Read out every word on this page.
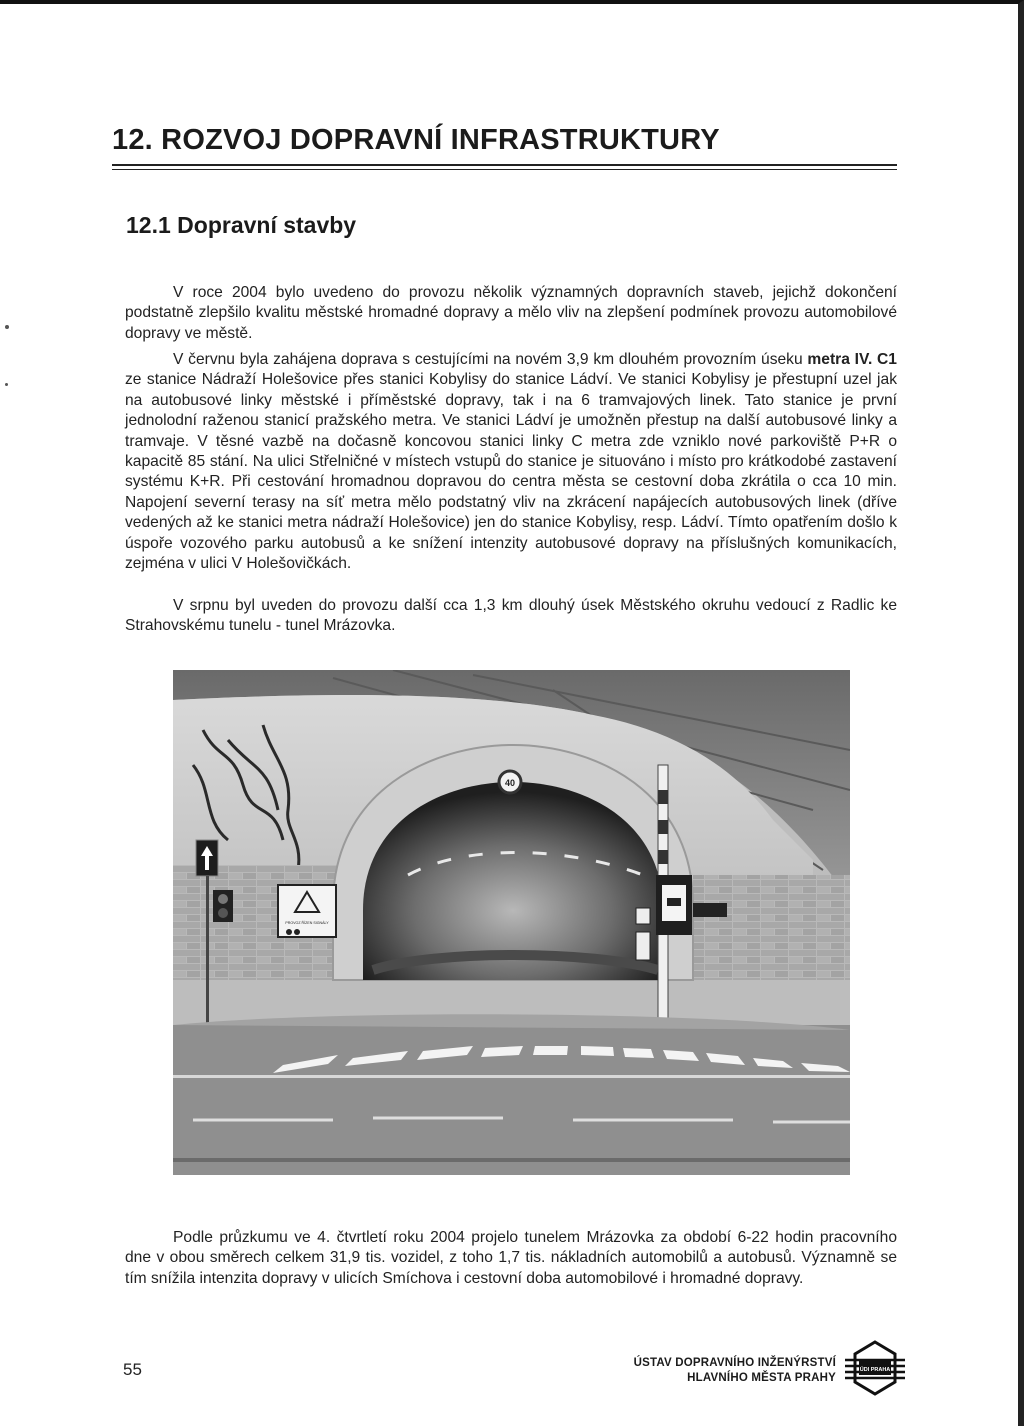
12. ROZVOJ DOPRAVNÍ INFRASTRUKTURY
12.1 Dopravní stavby

V roce 2004 bylo uvedeno do provozu několik významných dopravních staveb, jejichž dokončení podstatně zlepšilo kvalitu městské hromadné dopravy a mělo vliv na zlepšení podmínek provozu automobilové dopravy ve městě.

V červnu byla zahájena doprava s cestujícími na novém 3,9 km dlouhém provozním úseku metra IV. C1 ze stanice Nádraží Holešovice přes stanici Kobylisy do stanice Ládví. Ve stanici Kobylisy je přestupní uzel jak na autobusové linky městské i příměstské dopravy, tak i na 6 tramvajových linek. Tato stanice je první jednolodní raženou stanicí pražského metra. Ve stanici Ládví je umožněn přestup na další autobusové linky a tramvaje. V těsné vazbě na dočasně koncovou stanici linky C metra zde vzniklo nové parkoviště P+R o kapacitě 85 stání. Na ulici Střelničné v místech vstupů do stanice je situováno i místo pro krátkodobé zastavení systému K+R. Při cestování hromadnou dopravou do centra města se cestovní doba zkrátila o cca 10 min. Napojení severní terasy na síť metra mělo podstatný vliv na zkrácení napájecích autobusových linek (dříve vedených až ke stanici metra nádraží Holešovice) jen do stanice Kobylisy, resp. Ládví. Tímto opatřením došlo k úspoře vozového parku autobusů a ke snížení intenzity autobusové dopravy na příslušných komunikacích, zejména v ulici V Holešovičkách.

V srpnu byl uveden do provozu další cca 1,3 km dlouhý úsek Městského okruhu vedoucí z Radlic ke Strahovskému tunelu - tunel Mrázovka.

40
PROVOZ ŘÍZEN SIGNÁLY

Podle průzkumu ve 4. čtvrtletí roku 2004 projelo tunelem Mrázovka za období 6-22 hodin pracovního dne v obou směrech celkem 31,9 tis. vozidel, z toho 1,7 tis. nákladních automobilů a autobusů. Významně se tím snížila intenzita dopravy v ulicích Smíchova i cestovní doba automobilové i hromadné dopravy.

55	ÚSTAV DOPRAVNÍHO INŽENÝRSTVÍ
HLAVNÍHO MĚSTA PRAHY
ÚDI PRAHA
